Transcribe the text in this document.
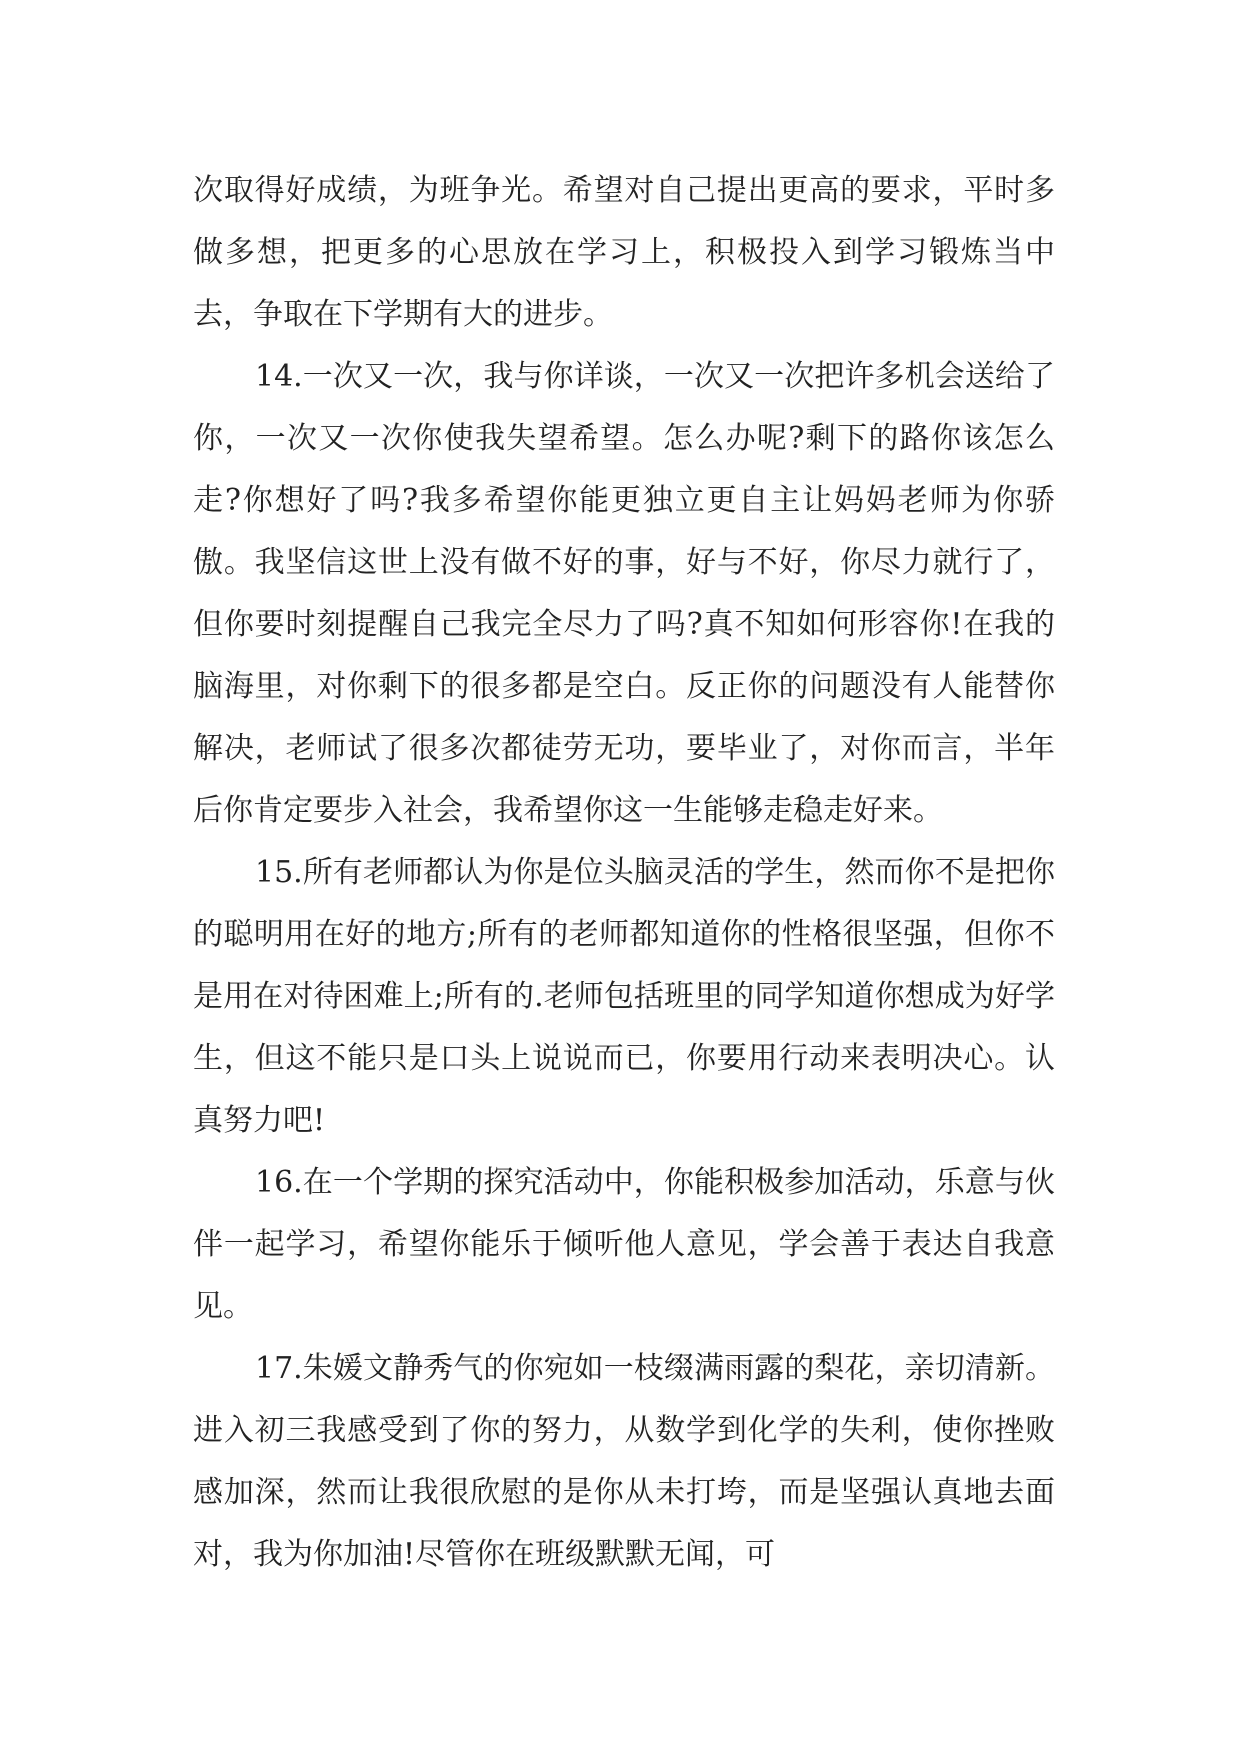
次取得好成绩，为班争光。希望对自己提出更高的要求，平时多做多想，把更多的心思放在学习上，积极投入到学习锻炼当中去，争取在下学期有大的进步。

14.一次又一次，我与你详谈，一次又一次把许多机会送给了你，一次又一次你使我失望希望。怎么办呢?剩下的路你该怎么走?你想好了吗?我多希望你能更独立更自主让妈妈老师为你骄傲。我坚信这世上没有做不好的事，好与不好，你尽力就行了，但你要时刻提醒自己我完全尽力了吗?真不知如何形容你!在我的脑海里，对你剩下的很多都是空白。反正你的问题没有人能替你解决，老师试了很多次都徒劳无功，要毕业了，对你而言，半年后你肯定要步入社会，我希望你这一生能够走稳走好来。

15.所有老师都认为你是位头脑灵活的学生，然而你不是把你的聪明用在好的地方;所有的老师都知道你的性格很坚强，但你不是用在对待困难上;所有的.老师包括班里的同学知道你想成为好学生，但这不能只是口头上说说而已，你要用行动来表明决心。认真努力吧!

16.在一个学期的探究活动中，你能积极参加活动，乐意与伙伴一起学习，希望你能乐于倾听他人意见，学会善于表达自我意见。

17.朱媛文静秀气的你宛如一枝缀满雨露的梨花，亲切清新。进入初三我感受到了你的努力，从数学到化学的失利，使你挫败感加深，然而让我很欣慰的是你从未打垮，而是坚强认真地去面对，我为你加油!尽管你在班级默默无闻，可
